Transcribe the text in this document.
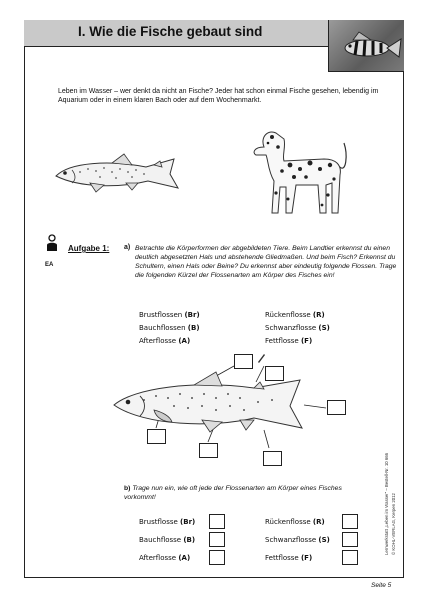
I. Wie die Fische gebaut sind
Leben im Wasser – wer denkt da nicht an Fische? Jeder hat schon einmal Fische gesehen, lebendig im Aquarium oder in einem klaren Bach oder auf dem Wochenmarkt.
EA
Aufgabe 1: a) Betrachte die Körperformen der abgebildeten Tiere. Beim Landtier erkennst du einen deutlich abgesetzten Hals und abstehende Gliedmaßen. Und beim Fisch? Erkennst du Schultern, einen Hals oder Beine? Du erkennst aber eindeutig folgende Flossen. Trage die folgenden Kürzel der Flossenarten am Körper des Fisches ein!
Brustflossen (Br)
Bauchflossen (B)
Afterflosse (A)
Rückenflosse (R)
Schwanzflosse (S)
Fettflosse (F)
b) Trage nun ein, wie oft jede der Flossenarten am Körper eines Fisches vorkommt!
Brustflosse (Br)
Bauchflosse (B)
Afterflosse (A)
Rückenflosse (R)
Schwanzflosse (S)
Fettflosse (F)
Lernwerkstatt „Leben im Wasser“ – Bestell-Nr. 10 666 © KOHL-VERLAG, Kerpen 2012
Seite 5
